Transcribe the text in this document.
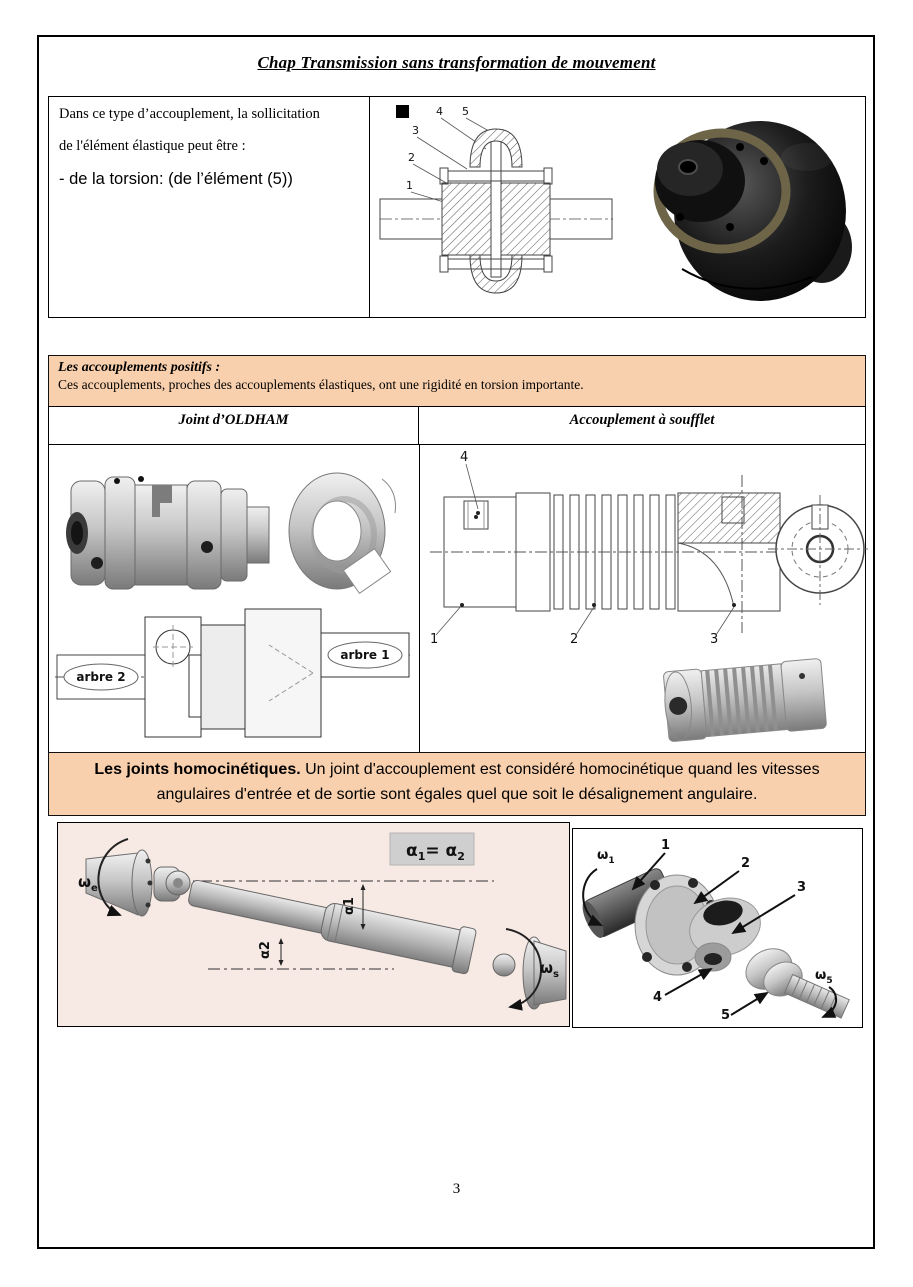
Chap Transmission sans transformation de mouvement

Dans ce type d’accouplement, la sollicitation

de l'élément élastique peut être :

- de la torsion: (de l’élément (5))

4 5
3
2
1

Les accouplements positifs :

Ces accouplements, proches des accouplements élastiques, ont une rigidité en torsion importante.

Joint d’OLDHAM	Accouplement à soufflet
arbre 2
arbre 1
4
1	2	3
Les joints homocinétiques. Un joint d'accouplement est considéré homocinétique quand les vitesses angulaires d'entrée et de sortie sont égales quel que soit le désalignement angulaire.
$\alpha_1= \alpha_2$
α1
α2
$\omega_e$
$\omega_s$
$\omega_1$
1
2
3
4
5
$\omega_5$
3
